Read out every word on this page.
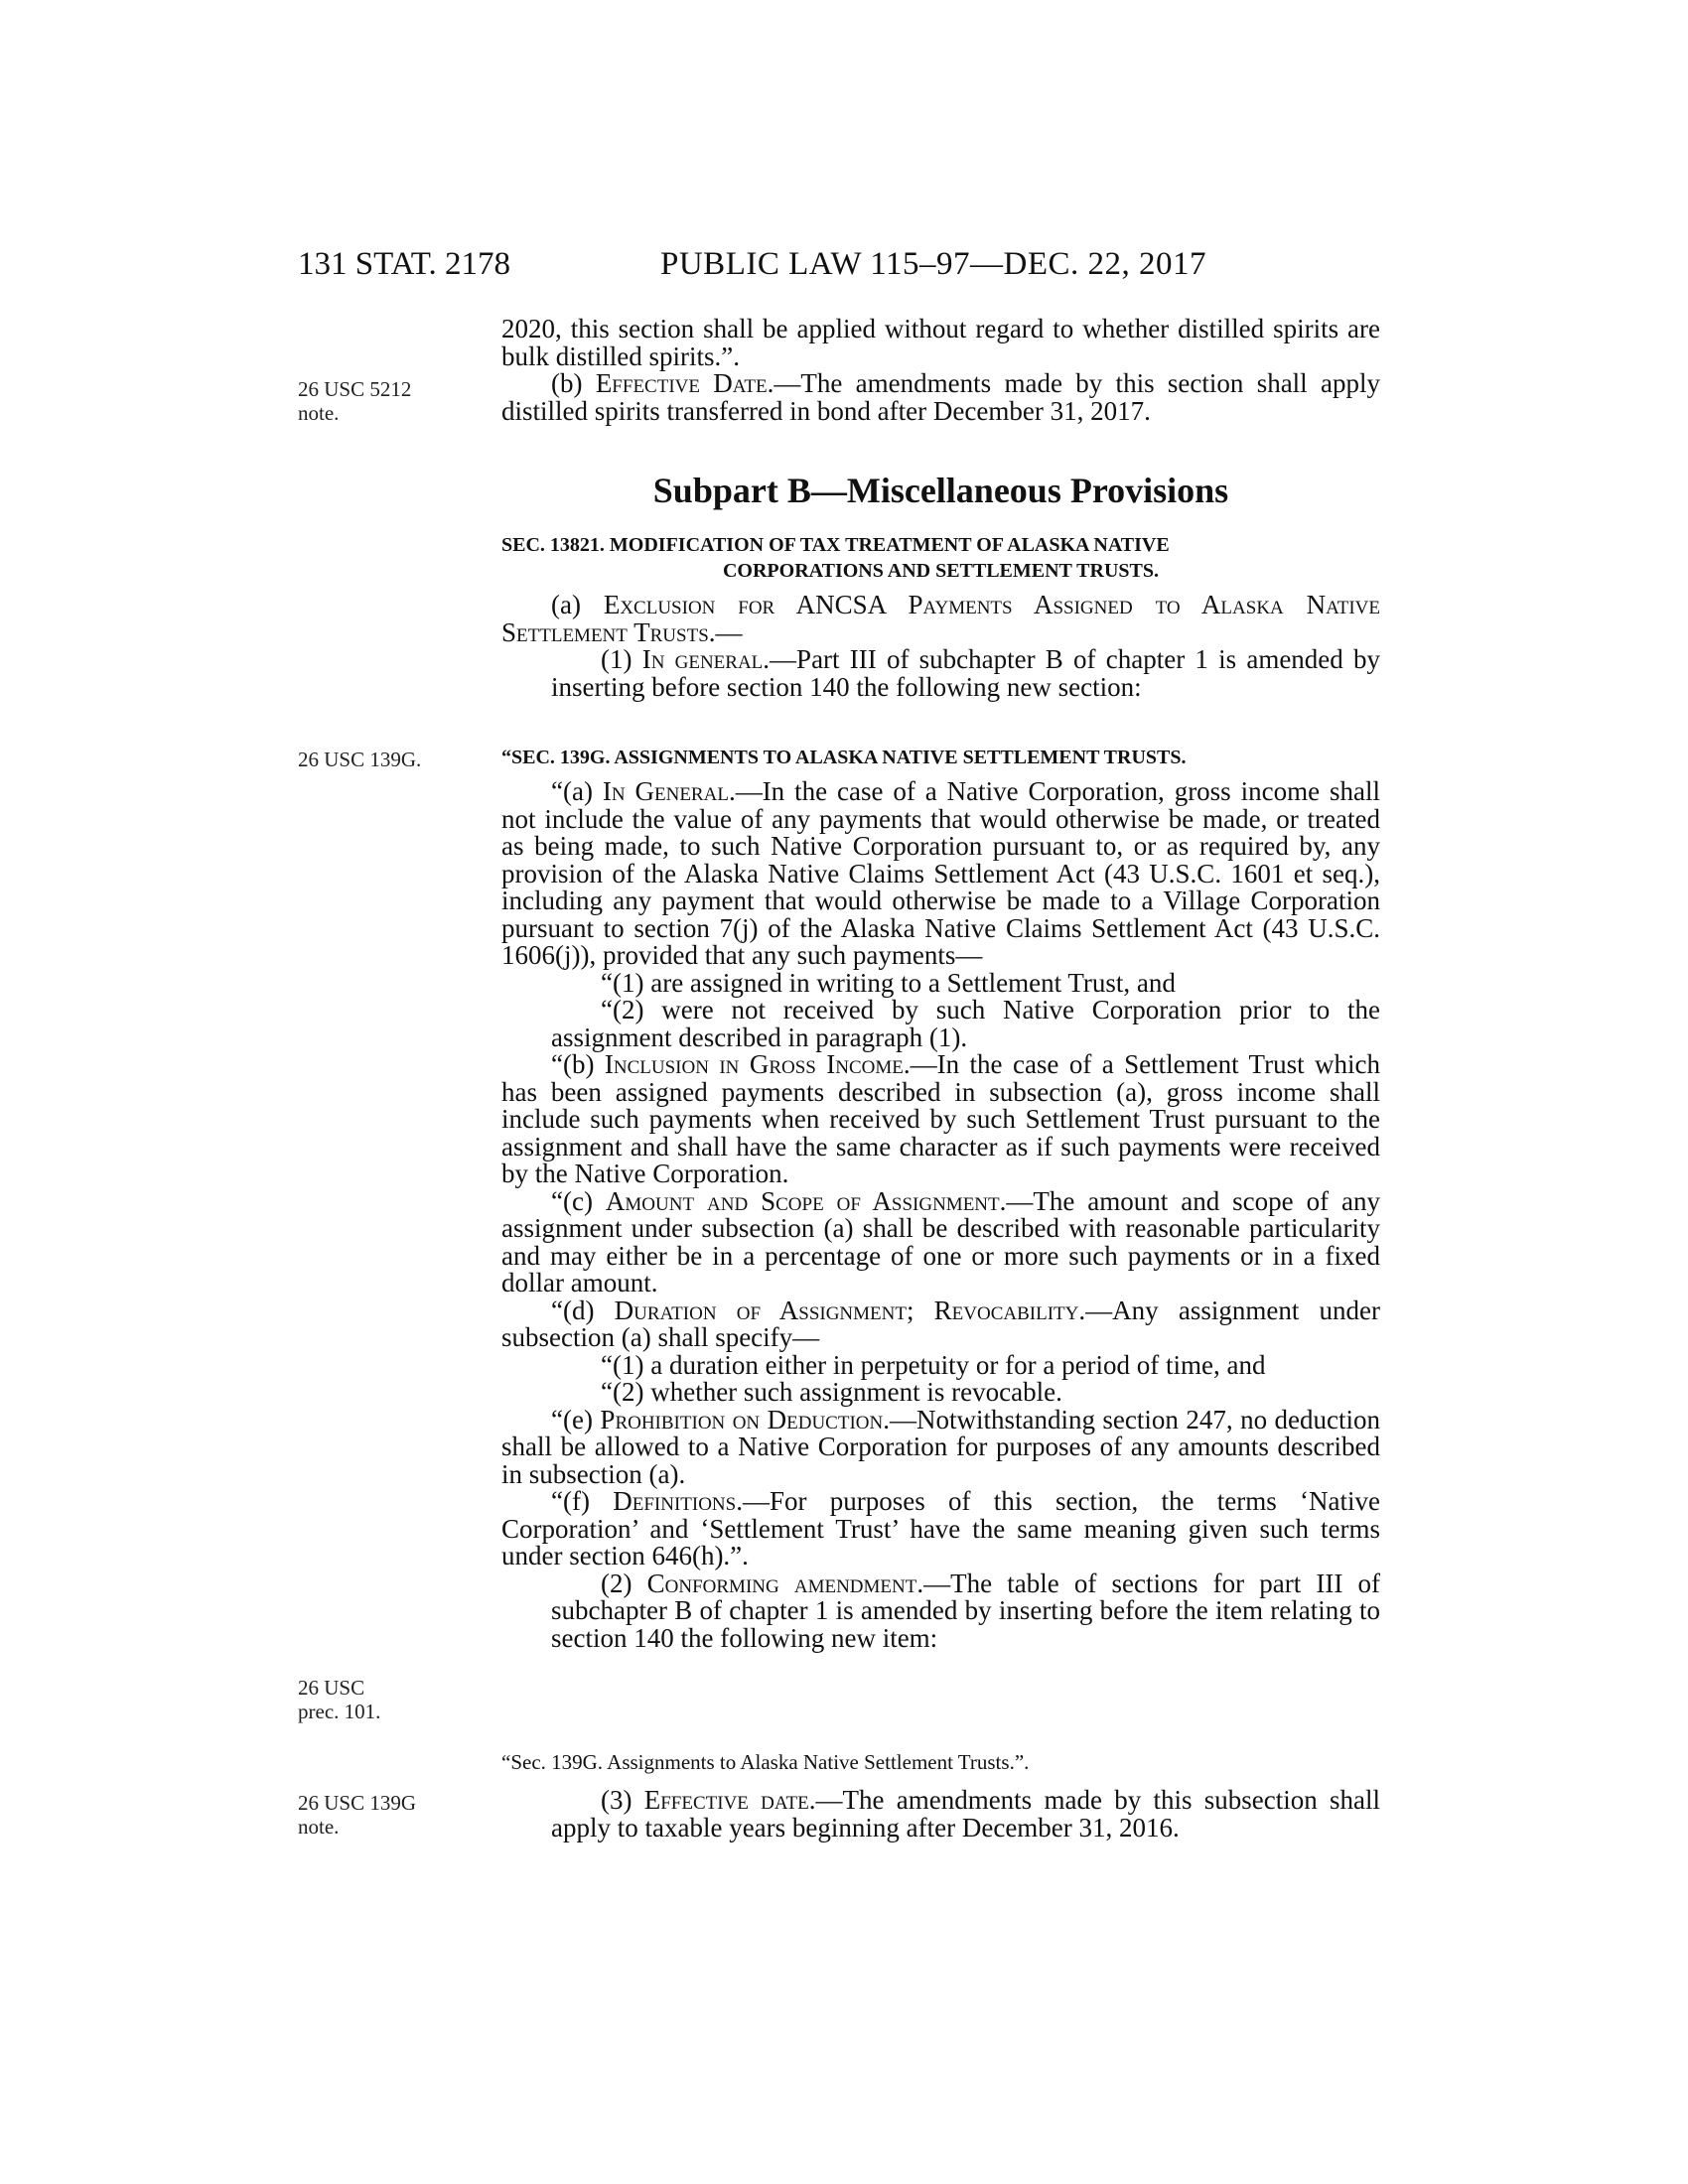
131 STAT. 2178	PUBLIC LAW 115–97—DEC. 22, 2017
26 USC 5212
note.
26 USC 139G.
26 USC
prec. 101.
26 USC 139G
note.

2020, this section shall be applied without regard to whether distilled spirits are bulk distilled spirits.”.

(b) Effective Date.—The amendments made by this section shall apply distilled spirits transferred in bond after December 31, 2017.

Subpart B—Miscellaneous Provisions
SEC. 13821. MODIFICATION OF TAX TREATMENT OF ALASKA NATIVE
CORPORATIONS AND SETTLEMENT TRUSTS.

(a) Exclusion for ANCSA Payments Assigned to Alaska Native Settlement Trusts.—

(1) In general.—Part III of subchapter B of chapter 1 is amended by inserting before section 140 the following new section:

“SEC. 139G. ASSIGNMENTS TO ALASKA NATIVE SETTLEMENT TRUSTS.

“(a) In General.—In the case of a Native Corporation, gross income shall not include the value of any payments that would otherwise be made, or treated as being made, to such Native Corporation pursuant to, or as required by, any provision of the Alaska Native Claims Settlement Act (43 U.S.C. 1601 et seq.), including any payment that would otherwise be made to a Village Corporation pursuant to section 7(j) of the Alaska Native Claims Settlement Act (43 U.S.C. 1606(j)), provided that any such payments—

“(1) are assigned in writing to a Settlement Trust, and

“(2) were not received by such Native Corporation prior to the assignment described in paragraph (1).

“(b) Inclusion in Gross Income.—In the case of a Settlement Trust which has been assigned payments described in subsection (a), gross income shall include such payments when received by such Settlement Trust pursuant to the assignment and shall have the same character as if such payments were received by the Native Corporation.

“(c) Amount and Scope of Assignment.—The amount and scope of any assignment under subsection (a) shall be described with reasonable particularity and may either be in a percentage of one or more such payments or in a fixed dollar amount.

“(d) Duration of Assignment; Revocability.—Any assignment under subsection (a) shall specify—

“(1) a duration either in perpetuity or for a period of time, and

“(2) whether such assignment is revocable.

“(e) Prohibition on Deduction.—Notwithstanding section 247, no deduction shall be allowed to a Native Corporation for purposes of any amounts described in subsection (a).

“(f) Definitions.—For purposes of this section, the terms ‘Native Corporation’ and ‘Settlement Trust’ have the same meaning given such terms under section 646(h).”.

(2) Conforming amendment.—The table of sections for part III of subchapter B of chapter 1 is amended by inserting before the item relating to section 140 the following new item:

“Sec. 139G. Assignments to Alaska Native Settlement Trusts.”.

(3) Effective date.—The amendments made by this subsection shall apply to taxable years beginning after December 31, 2016.
